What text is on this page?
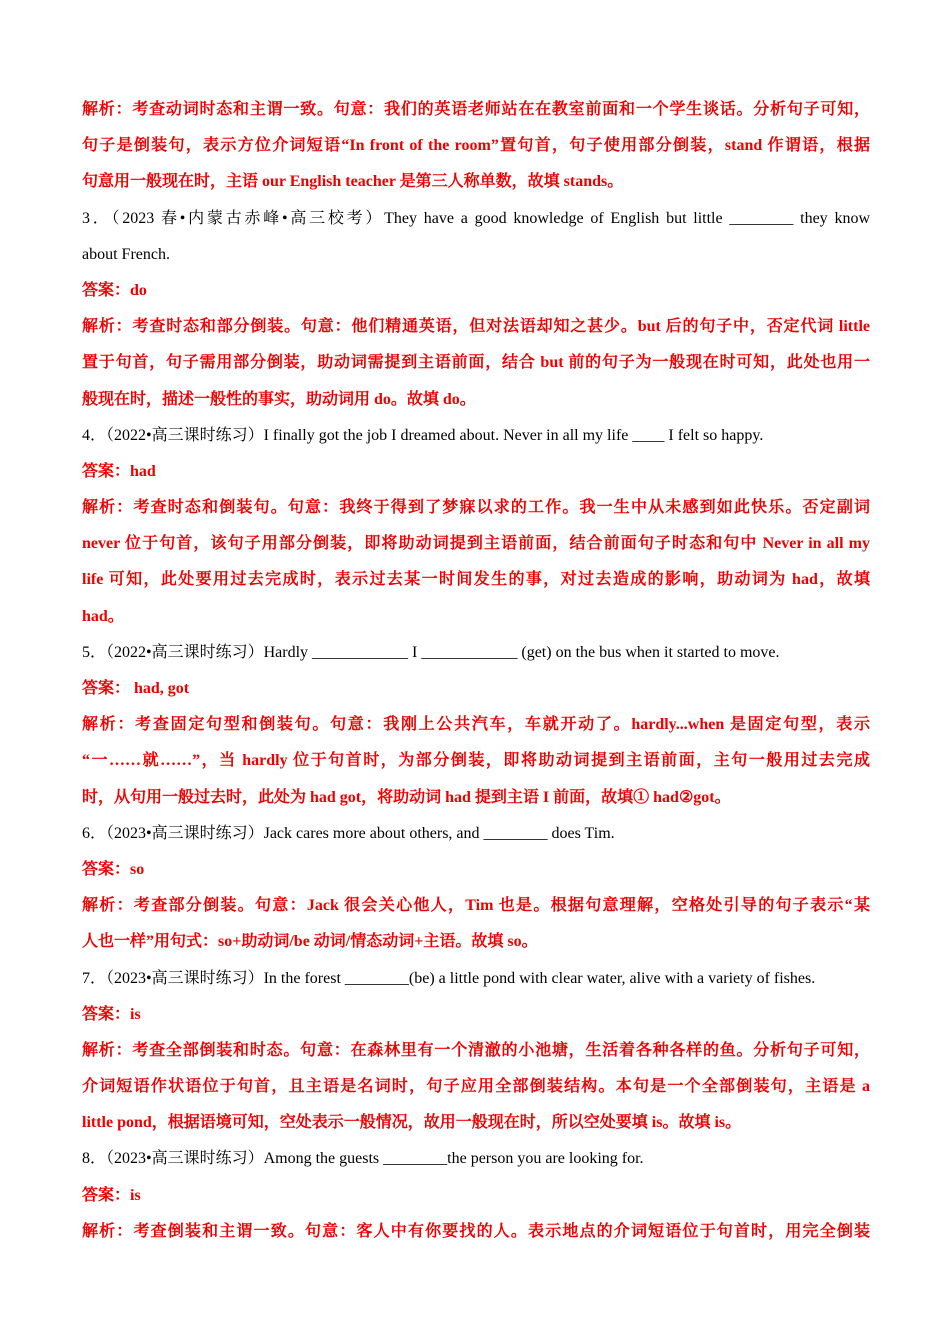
解析：考查动词时态和主谓一致。句意：我们的英语老师站在在教室前面和一个学生谈话。分析句子可知，
句子是倒装句，表示方位介词短语“In front of the room”置句首，句子使用部分倒装，stand 作谓语，根据
句意用一般现在时，主语 our English teacher 是第三人称单数，故填 stands。
3．（2023 春•内蒙古赤峰•高三校考）They have a good knowledge of English but little ________ they know
about French.
答案：do
解析：考查时态和部分倒装。句意：他们精通英语，但对法语却知之甚少。but 后的句子中，否定代词 little
置于句首，句子需用部分倒装，助动词需提到主语前面，结合 but 前的句子为一般现在时可知，此处也用一
般现在时，描述一般性的事实，助动词用 do。故填 do。
4．（2022•高三课时练习）I finally got the job I dreamed about. Never in all my life ____ I felt so happy.
答案：had
解析：考查时态和倒装句。句意：我终于得到了梦寐以求的工作。我一生中从未感到如此快乐。否定副词
never 位于句首，该句子用部分倒装，即将助动词提到主语前面，结合前面句子时态和句中 Never in all my
life 可知，此处要用过去完成时，表示过去某一时间发生的事，对过去造成的影响，助动词为 had，故填
had。
5．（2022•高三课时练习）Hardly ____________ I ____________ (get) on the bus when it started to move.
答案： had, got
解析：考查固定句型和倒装句。句意：我刚上公共汽车，车就开动了。hardly...when 是固定句型，表示
“一……就……”，当 hardly 位于句首时，为部分倒装，即将助动词提到主语前面，主句一般用过去完成
时，从句用一般过去时，此处为 had got，将助动词 had 提到主语 I 前面，故填① had②got。
6．（2023•高三课时练习）Jack cares more about others, and ________ does Tim.
答案：so
解析：考查部分倒装。句意：Jack 很会关心他人，Tim 也是。根据句意理解，空格处引导的句子表示“某
人也一样”用句式：so+助动词/be 动词/情态动词+主语。故填 so。
7．（2023•高三课时练习）In the forest ________(be) a little pond with clear water, alive with a variety of fishes.
答案：is
解析：考查全部倒装和时态。句意：在森林里有一个清澈的小池塘，生活着各种各样的鱼。分析句子可知，
介词短语作状语位于句首，且主语是名词时，句子应用全部倒装结构。本句是一个全部倒装句，主语是 a
little pond，根据语境可知，空处表示一般情况，故用一般现在时，所以空处要填 is。故填 is。
8．（2023•高三课时练习）Among the guests ________the person you are looking for.
答案：is
解析：考查倒装和主谓一致。句意：客人中有你要找的人。表示地点的介词短语位于句首时，用完全倒装
